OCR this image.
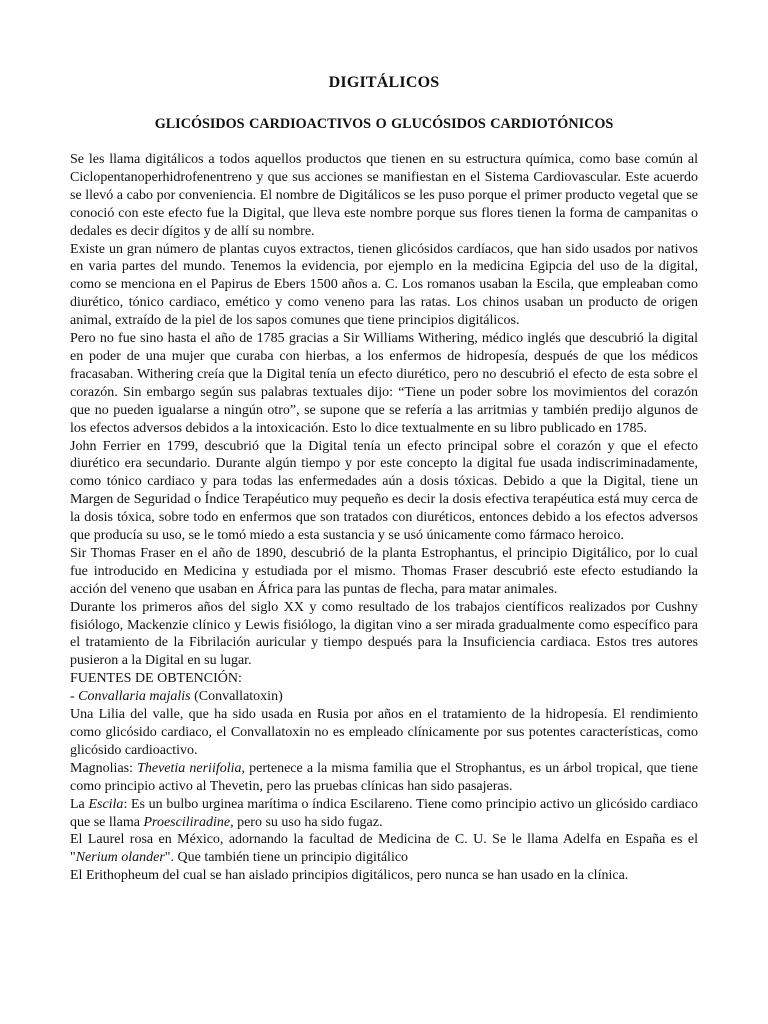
DIGITÁLICOS
GLICÓSIDOS CARDIOACTIVOS O GLUCÓSIDOS CARDIOTÓNICOS

Se les llama digitálicos a todos aquellos productos que tienen en su estructura química, como base común al Ciclopentanoperhidrofenentreno y que sus acciones se manifiestan en el Sistema Cardiovascular. Este acuerdo se llevó a cabo por conveniencia. El nombre de Digitálicos se les puso porque el primer producto vegetal que se conoció con este efecto fue la Digital, que lleva este nombre porque sus flores tienen la forma de campanitas o dedales es decir dígitos y de allí su nombre.

Existe un gran número de plantas cuyos extractos, tienen glicósidos cardíacos, que han sido usados por nativos en varia partes del mundo. Tenemos la evidencia, por ejemplo en la medicina Egipcia del uso de la digital, como se menciona en el Papirus de Ebers 1500 años a. C. Los romanos usaban la Escila, que empleaban como diurético, tónico cardiaco, emético y como veneno para las ratas. Los chinos usaban un producto de origen animal, extraído de la piel de los sapos comunes que tiene principios digitálicos.

Pero no fue sino hasta el año de 1785 gracias a Sir Williams Withering, médico inglés que descubrió la digital en poder de una mujer que curaba con hierbas, a los enfermos de hidropesía, después de que los médicos fracasaban. Withering creía que la Digital tenía un efecto diurético, pero no descubrió el efecto de esta sobre el corazón. Sin embargo según sus palabras textuales dijo: “Tiene un poder sobre los movimientos del corazón que no pueden igualarse a ningún otro”, se supone que se refería a las arritmias y también predijo algunos de los efectos adversos debidos a la intoxicación. Esto lo dice textualmente en su libro publicado en 1785.

John Ferrier en 1799, descubrió que la Digital tenía un efecto principal sobre el corazón y que el efecto diurético era secundario. Durante algún tiempo y por este concepto la digital fue usada indiscriminadamente, como tónico cardiaco y para todas las enfermedades aún a dosis tóxicas. Debido a que la Digital, tiene un Margen de Seguridad o Índice Terapéutico muy pequeño es decir la dosis efectiva terapéutica está muy cerca de la dosis tóxica, sobre todo en enfermos que son tratados con diuréticos, entonces debido a los efectos adversos que producía su uso, se le tomó miedo a esta sustancia y se usó únicamente como fármaco heroico.

Sir Thomas Fraser en el año de 1890, descubrió de la planta Estrophantus, el principio Digitálico, por lo cual fue introducido en Medicina y estudiada por el mismo. Thomas Fraser descubrió este efecto estudiando la acción del veneno que usaban en África para las puntas de flecha, para matar animales.

Durante los primeros años del siglo XX y como resultado de los trabajos científicos realizados por Cushny fisiólogo, Mackenzie clínico y Lewis fisiólogo, la digitan vino a ser mirada gradualmente como específico para el tratamiento de la Fibrilación auricular y tiempo después para la Insuficiencia cardiaca. Estos tres autores pusieron a la Digital en su lugar.

FUENTES DE OBTENCIÓN:

- Convallaria majalis (Convallatoxin)

Una Lilia del valle, que ha sido usada en Rusia por años en el tratamiento de la hidropesía. El rendimiento como glicósido cardiaco, el Convallatoxin no es empleado clínicamente por sus potentes características, como glicósido cardioactivo.

Magnolias: Thevetia neriifolia, pertenece a la misma familia que el Strophantus, es un árbol tropical, que tiene como principio activo al Thevetin, pero las pruebas clínicas han sido pasajeras.

La Escila: Es un bulbo urginea marítima o índica Escilareno. Tiene como principio activo un glicósido cardiaco que se llama Proesciliradine, pero su uso ha sido fugaz.

El Laurel rosa en México, adornando la facultad de Medicina de C. U. Se le llama Adelfa en España es el "Nerium olander". Que también tiene un principio digitálico

El Erithopheum del cual se han aislado principios digitálicos, pero nunca se han usado en la clínica.
